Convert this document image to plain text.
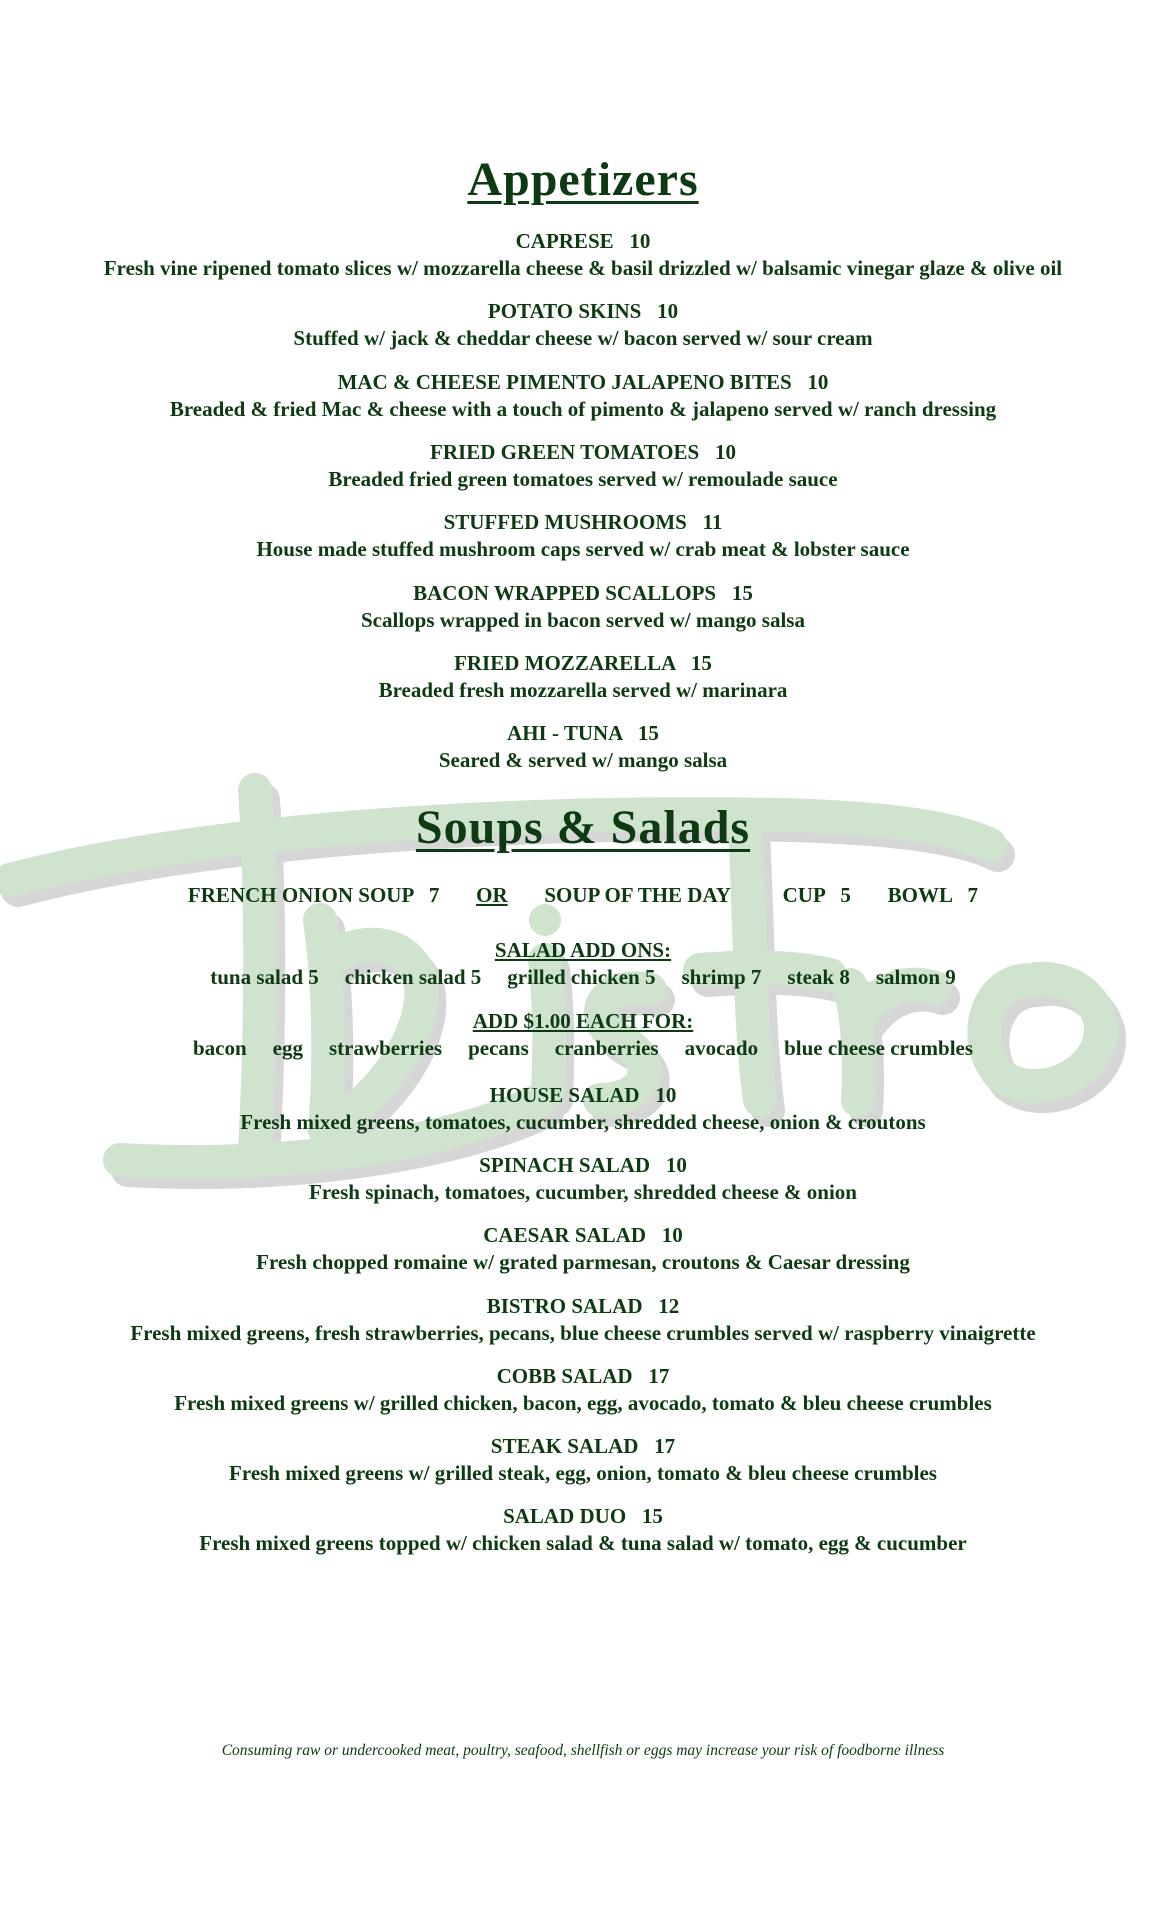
Appetizers
CAPRESE   10
Fresh vine ripened tomato slices w/ mozzarella cheese & basil drizzled w/ balsamic vinegar glaze & olive oil
POTATO SKINS   10
Stuffed w/ jack & cheddar cheese w/ bacon served w/ sour cream
MAC & CHEESE PIMENTO JALAPENO BITES   10
Breaded & fried Mac & cheese with a touch of pimento & jalapeno served w/ ranch dressing
FRIED GREEN TOMATOES   10
Breaded fried green tomatoes served w/ remoulade sauce
STUFFED MUSHROOMS   11
House made stuffed mushroom caps served w/ crab meat & lobster sauce
BACON WRAPPED SCALLOPS   15
Scallops wrapped in bacon served w/ mango salsa
FRIED MOZZARELLA   15
Breaded fresh mozzarella served w/ marinara
AHI - TUNA   15
Seared & served w/ mango salsa
Soups & Salads
FRENCH ONION SOUP   7 OR SOUP OF THE DAY	CUP   5 BOWL   7
SALAD ADD ONS:
tuna salad 5 chicken salad 5 grilled chicken 5 shrimp 7 steak 8 salmon 9
ADD $1.00 EACH FOR:
bacon egg strawberries pecans cranberries avocado blue cheese crumbles
HOUSE SALAD   10
Fresh mixed greens, tomatoes, cucumber, shredded cheese, onion & croutons
SPINACH SALAD   10
Fresh spinach, tomatoes, cucumber, shredded cheese & onion
CAESAR SALAD   10
Fresh chopped romaine w/ grated parmesan, croutons & Caesar dressing
BISTRO SALAD   12
Fresh mixed greens, fresh strawberries, pecans, blue cheese crumbles served w/ raspberry vinaigrette
COBB SALAD   17
Fresh mixed greens w/ grilled chicken, bacon, egg, avocado, tomato & bleu cheese crumbles
STEAK SALAD   17
Fresh mixed greens w/ grilled steak, egg, onion, tomato & bleu cheese crumbles
SALAD DUO   15
Fresh mixed greens topped w/ chicken salad & tuna salad w/ tomato, egg & cucumber
Consuming raw or undercooked meat, poultry, seafood, shellfish or eggs may increase your risk of foodborne illness
